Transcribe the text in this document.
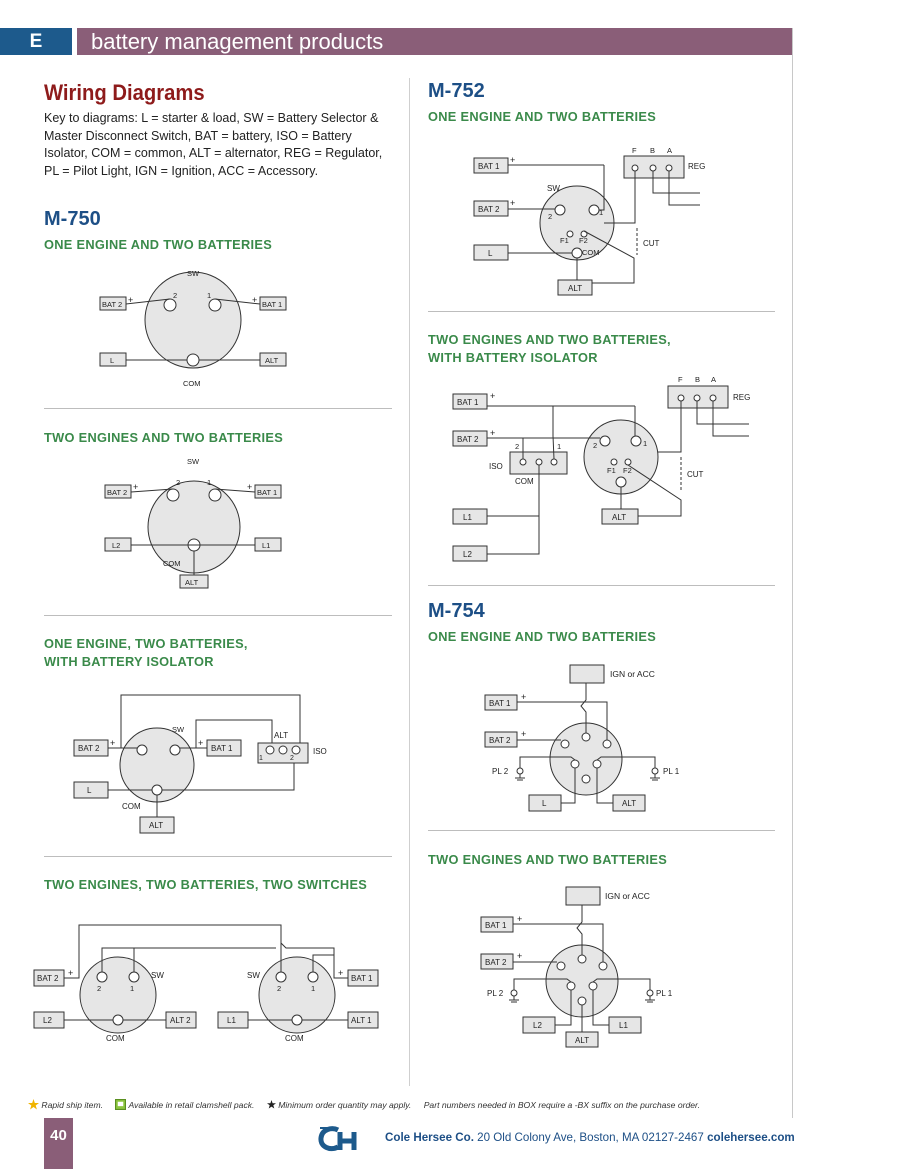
E	battery management products
Wiring Diagrams
Key to diagrams: L = starter & load, SW = Battery Selector & Master Disconnect Switch, BAT = battery, ISO = Battery Isolator, COM = common, ALT = alternator, REG = Regulator, PL = Pilot Light, IGN = Ignition, ACC = Accessory.
M-750
ONE ENGINE AND TWO BATTERIES
TWO ENGINES AND TWO BATTERIES
ONE ENGINE, TWO BATTERIES,
WITH BATTERY ISOLATOR
TWO ENGINES, TWO BATTERIES, TWO SWITCHES
M-752
ONE ENGINE AND TWO BATTERIES
TWO ENGINES AND TWO BATTERIES,
WITH BATTERY ISOLATOR
M-754
ONE ENGINE AND TWO BATTERIES
TWO ENGINES AND TWO BATTERIES
SW
2	1
BAT 2 +	BAT 1
+
L	ALT
COM
SW
2	1
BAT 2
+
BAT 1
+
L2	L1
COM
ALT
SW
BAT 2
+
BAT 1
+
ALT
1	2
ISO
L
COM
ALT
2	1	2	1
SW	SW
BAT 2
+
BAT 1
+
L2	ALT 2	L1	ALT 1
COM	COM
SW
2	1
F1 F2
COM
BAT 1
+
BAT 2
+
L
ALT
F B A
REG
CUT
2	1
F1 F2
2	1
ISO
COM
BAT 1
+
BAT 2
+
L1
L2
ALT
F B A
REG
CUT
IGN or ACC
BAT 1
+
BAT 2
+
PL 2	PL 1
L	ALT
IGN or ACC
BAT 1
+
BAT 2
+
PL 2	PL 1
L2	L1
ALT
Rapid ship item.	Available in retail clamshell pack.	Minimum order quantity may apply. Part numbers needed in BOX require a -BX suffix on the purchase order.
40	Cole Hersee Co. 20 Old Colony Ave, Boston, MA 02127-2467 colehersee.com
